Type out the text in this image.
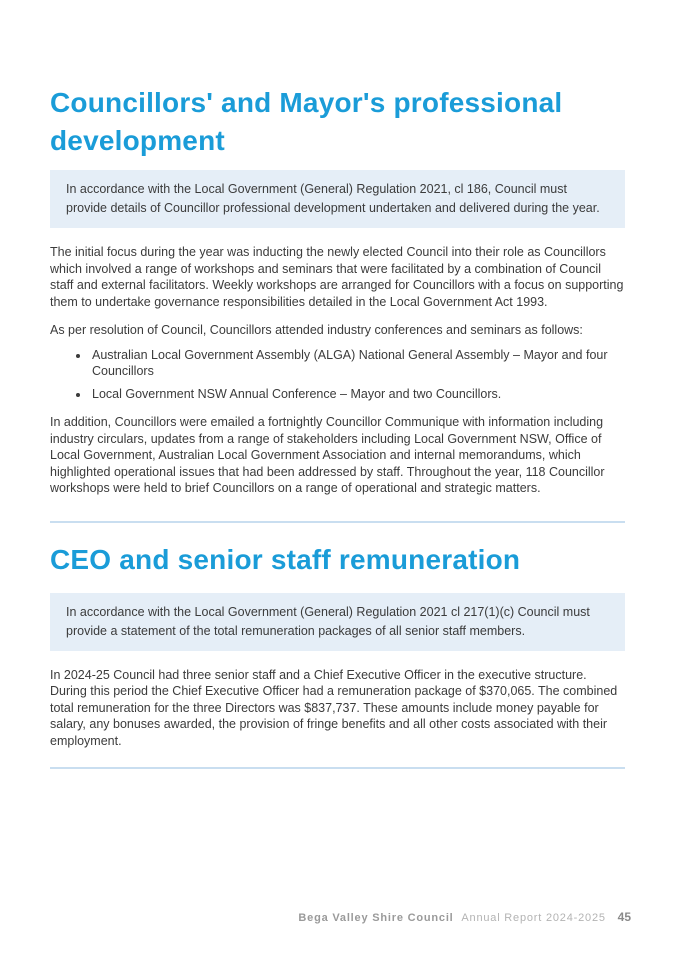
Councillors' and Mayor's professional development
In accordance with the Local Government (General) Regulation 2021, cl 186, Council must provide details of Councillor professional development undertaken and delivered during the year.

The initial focus during the year was inducting the newly elected Council into their role as Councillors which involved a range of workshops and seminars that were facilitated by a combination of Council staff and external facilitators. Weekly workshops are arranged for Councillors with a focus on supporting them to undertake governance responsibilities detailed in the Local Government Act 1993.

As per resolution of Council, Councillors attended industry conferences and seminars as follows:

• Australian Local Government Assembly (ALGA) National General Assembly – Mayor and four Councillors
• Local Government NSW Annual Conference – Mayor and two Councillors.

In addition, Councillors were emailed a fortnightly Councillor Communique with information including industry circulars, updates from a range of stakeholders including Local Government NSW, Office of Local Government, Australian Local Government Association and internal memorandums, which highlighted operational issues that had been addressed by staff. Throughout the year, 118 Councillor workshops were held to brief Councillors on a range of operational and strategic matters.

CEO and senior staff remuneration
In accordance with the Local Government (General) Regulation 2021 cl 217(1)(c) Council must provide a statement of the total remuneration packages of all senior staff members.

In 2024-25 Council had three senior staff and a Chief Executive Officer in the executive structure. During this period the Chief Executive Officer had a remuneration package of $370,065. The combined total remuneration for the three Directors was $837,737. These amounts include money payable for salary, any bonuses awarded, the provision of fringe benefits and all other costs associated with their employment.

Bega Valley Shire Council Annual Report 2024-2025 45
